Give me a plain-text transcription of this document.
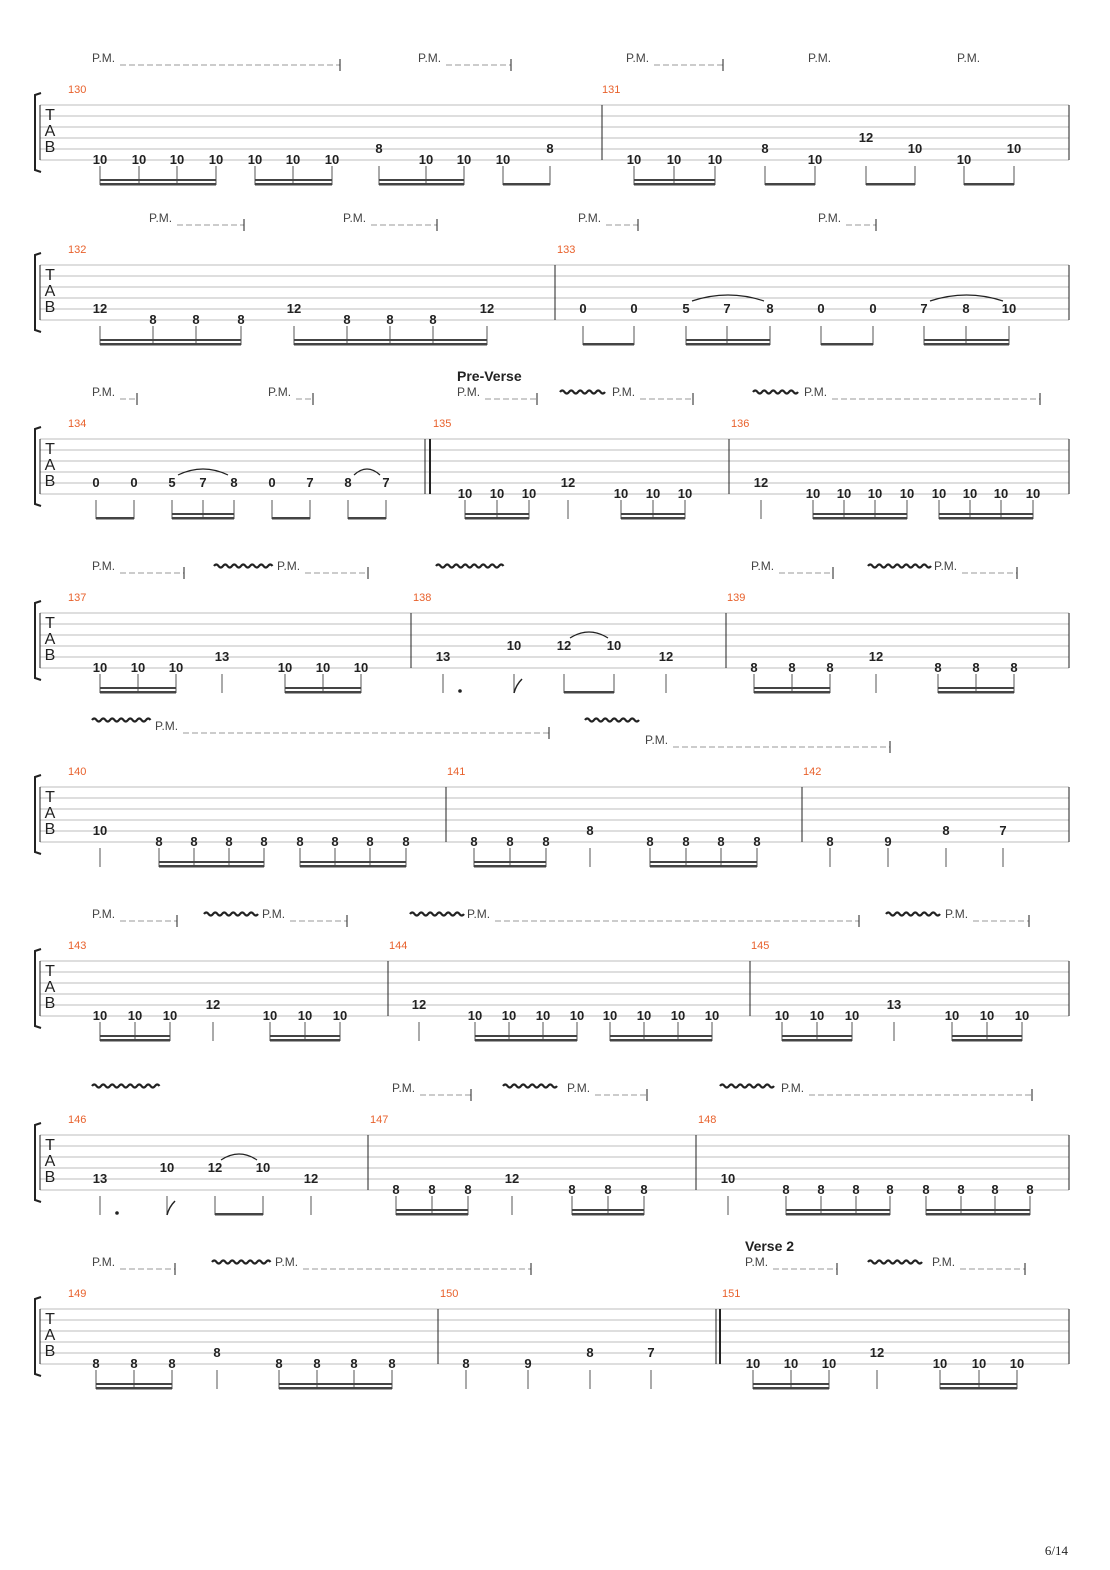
T
A
B
130	131
P.M.	P.M.	P.M.	P.M.	P.M.
10 10 10 10 10 10 10
8
10 10 10
8
10 10 10
8
10
12
10
10
10
T
A
B
132	133
P.M.	P.M.	P.M.	P.M.
12
8	8	8
12
8	8	8
12	0	0	5	7	8	0	0	7	8 10
T
A
B
134	135	136
Pre-Verse
P.M.	P.M.	P.M.	P.M.	P.M.
0 0 5 7 8 0 7 8 7
10 10 10
12
10 10 10
12
10 10 10 10 10 10 10 10
T
A
B
137	138	139
P.M.	P.M.	P.M.	P.M.
10 10 10
13
10 10 10
13
10	12	10
12
8 8 8
12
8 8 8
T
A
B
140	141	142
P.M.
P.M.
10
8 8 8 8 8 8 8 8	8 8 8
8
8 8 8 8	8	9
8	7
T
A
B
143	144	145
P.M.	P.M.	P.M.	P.M.
10 10 10
12
10 10 10
12
10 10 10 10 10 10 10 10	10 10 10
13
10 10 10
T
A
B
146	147	148
P.M.	P.M.	P.M.
13
10	12	10
12
8 8 8
12
8 8 8
10
8 8 8 8 8 8 8 8
T
A
B
149	150	151
Verse 2
P.M.	P.M.	P.M.	P.M.
8 8 8
8
8 8 8 8	8	9
8	7
10 10 10
12
10 10 10
6/14
